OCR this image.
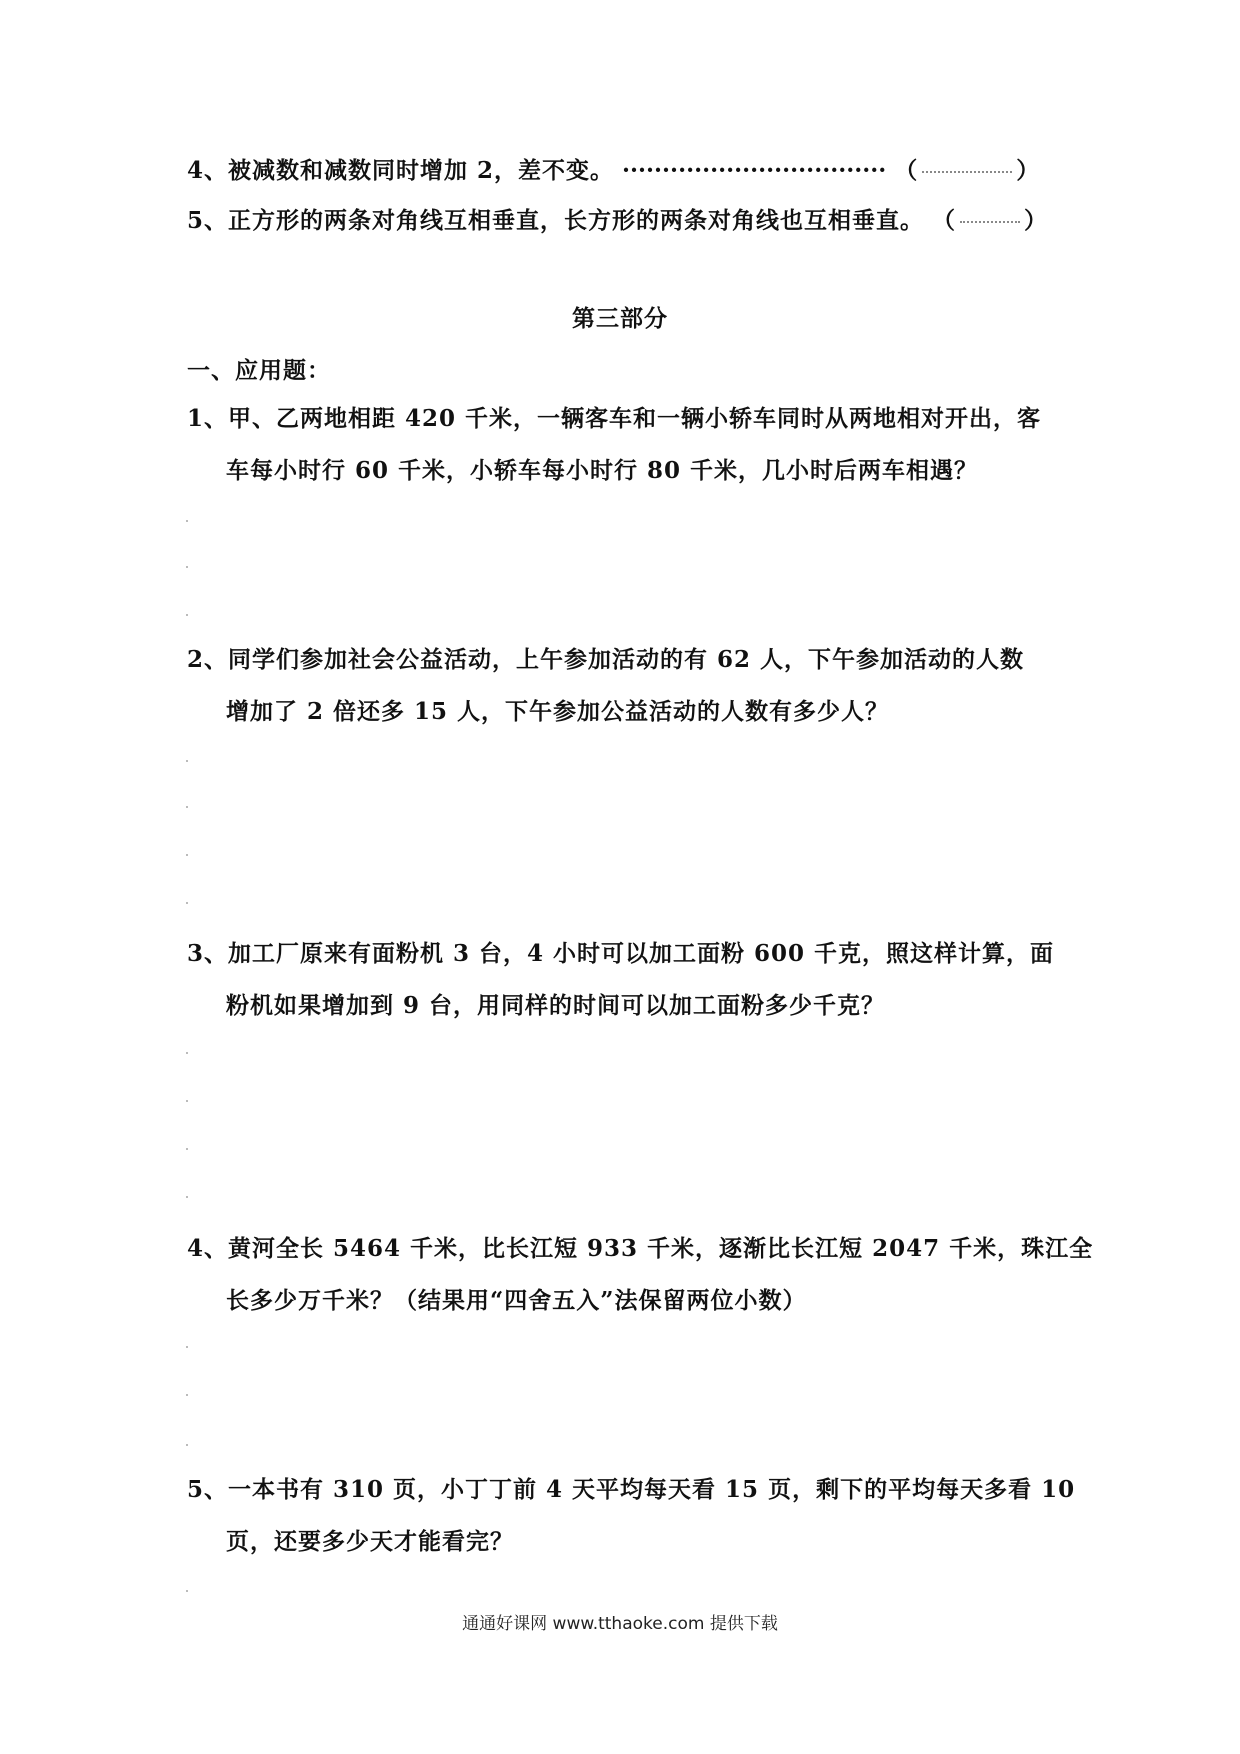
4、被减数和减数同时增加 2，差不变。 ································· （	）
5、正方形的两条对角线互相垂直，长方形的两条对角线也互相垂直。 （	）
第三部分
一、应用题：
1、甲、乙两地相距 420 千米，一辆客车和一辆小轿车同时从两地相对开出，客
车每小时行 60 千米，小轿车每小时行 80 千米，几小时后两车相遇？
2、同学们参加社会公益活动，上午参加活动的有 62 人，下午参加活动的人数
增加了 2 倍还多 15 人，下午参加公益活动的人数有多少人？
3、加工厂原来有面粉机 3 台，4 小时可以加工面粉 600 千克，照这样计算，面
粉机如果增加到 9 台，用同样的时间可以加工面粉多少千克？
4、黄河全长 5464 千米，比长江短 933 千米，逐渐比长江短 2047 千米，珠江全
长多少万千米？（结果用“四舍五入”法保留两位小数）
5、一本书有 310 页，小丁丁前 4 天平均每天看 15 页，剩下的平均每天多看 10
页，还要多少天才能看完？
通通好课网 www.tthaoke.com 提供下载
